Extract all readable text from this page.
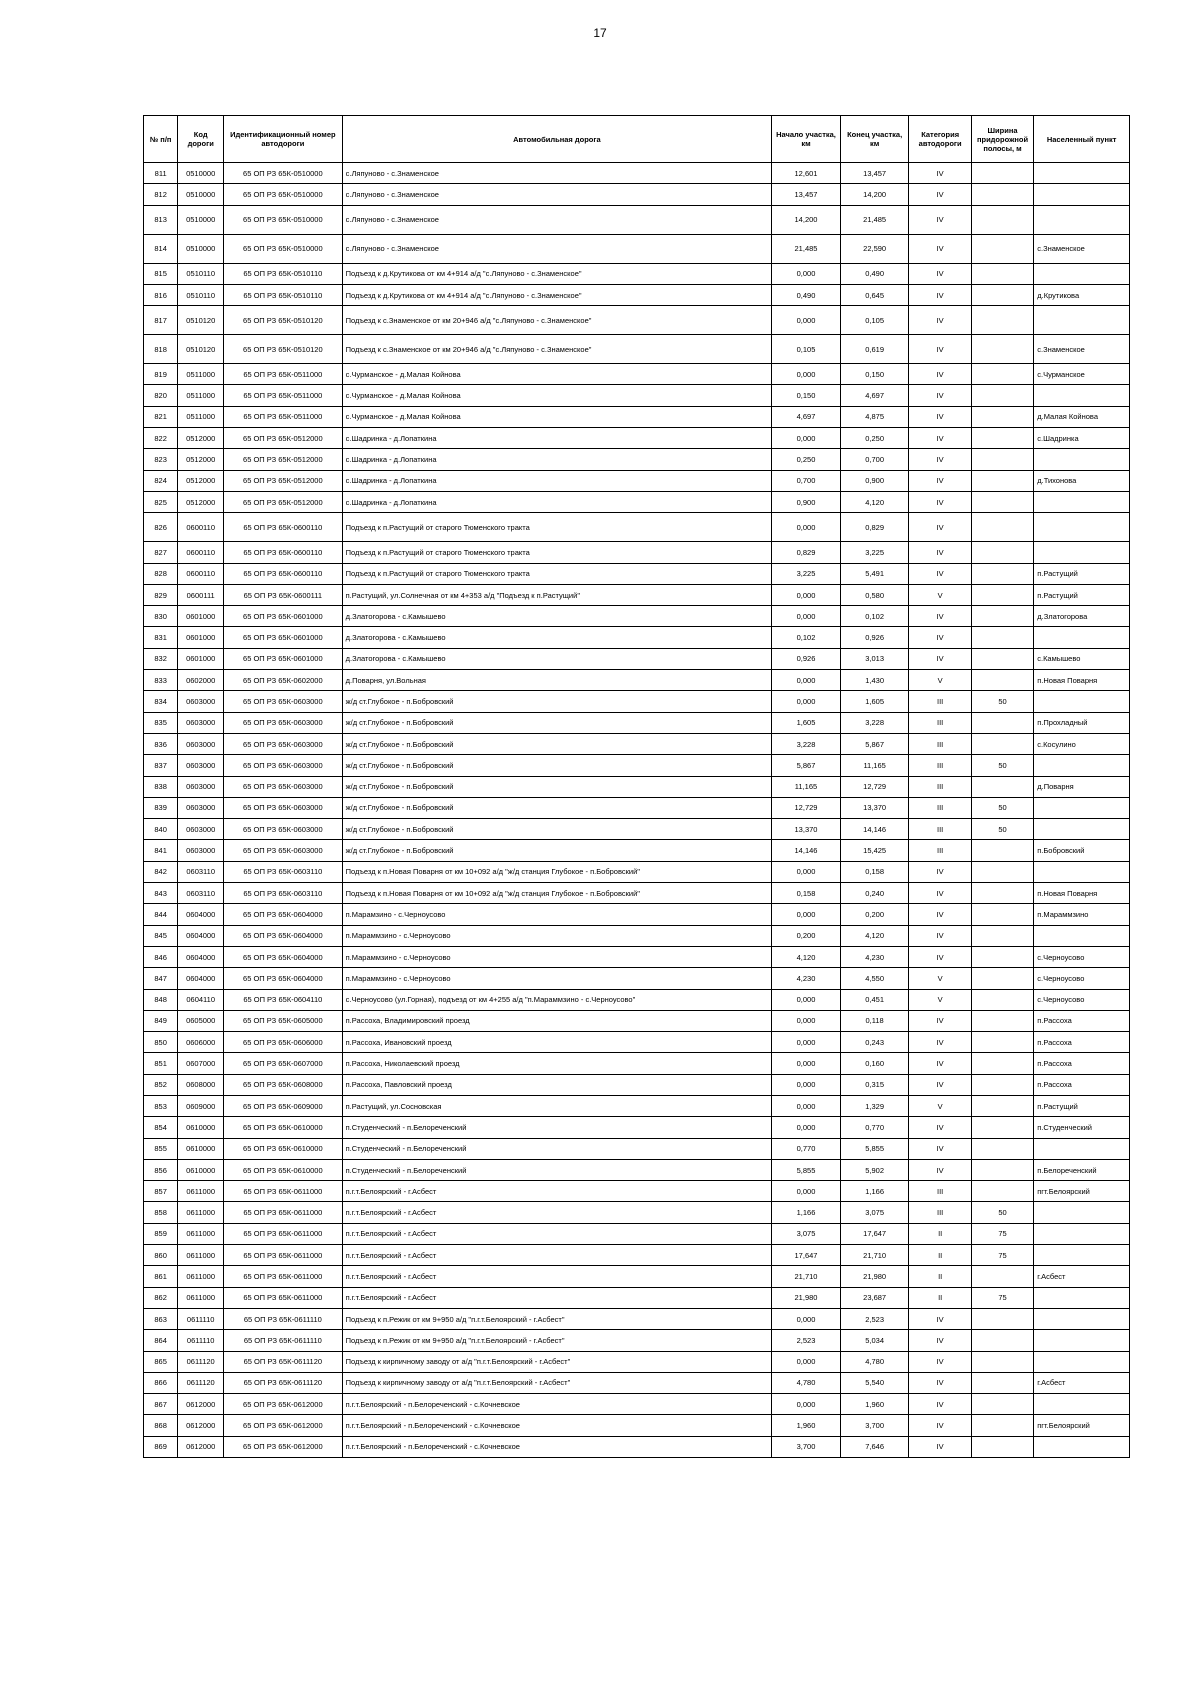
17
№ п/п	Код дороги	Идентификационный номер автодороги	Автомобильная дорога	Начало участка, км	Конец участка, км	Категория автодороги	Ширина придорожной полосы, м	Населенный пункт
811	0510000	65 ОП РЗ 65К-0510000	с.Ляпуново - с.Знаменское	12,601	13,457	IV		
812	0510000	65 ОП РЗ 65К-0510000	с.Ляпуново - с.Знаменское	13,457	14,200	IV		
813	0510000	65 ОП РЗ 65К-0510000	с.Ляпуново - с.Знаменское	14,200	21,485	IV		
814	0510000	65 ОП РЗ 65К-0510000	с.Ляпуново - с.Знаменское	21,485	22,590	IV		с.Знаменское
815	0510110	65 ОП РЗ 65К-0510110	Подъезд к д.Крутикова от км 4+914 а/д "с.Ляпуново - с.Знаменское"	0,000	0,490	IV		
816	0510110	65 ОП РЗ 65К-0510110	Подъезд к д.Крутикова от км 4+914 а/д "с.Ляпуново - с.Знаменское"	0,490	0,645	IV		д.Крутикова
817	0510120	65 ОП РЗ 65К-0510120	Подъезд к с.Знаменское от км 20+946 а/д "с.Ляпуново - с.Знаменское"	0,000	0,105	IV		
818	0510120	65 ОП РЗ 65К-0510120	Подъезд к с.Знаменское от км 20+946 а/д "с.Ляпуново - с.Знаменское"	0,105	0,619	IV		с.Знаменское
819	0511000	65 ОП РЗ 65К-0511000	с.Чурманское - д.Малая Койнова	0,000	0,150	IV		с.Чурманское
820	0511000	65 ОП РЗ 65К-0511000	с.Чурманское - д.Малая Койнова	0,150	4,697	IV		
821	0511000	65 ОП РЗ 65К-0511000	с.Чурманское - д.Малая Койнова	4,697	4,875	IV		д.Малая Койнова
822	0512000	65 ОП РЗ 65К-0512000	с.Шадринка - д.Лопаткина	0,000	0,250	IV		с.Шадринка
823	0512000	65 ОП РЗ 65К-0512000	с.Шадринка - д.Лопаткина	0,250	0,700	IV		
824	0512000	65 ОП РЗ 65К-0512000	с.Шадринка - д.Лопаткина	0,700	0,900	IV		д.Тихонова
825	0512000	65 ОП РЗ 65К-0512000	с.Шадринка - д.Лопаткина	0,900	4,120	IV		
826	0600110	65 ОП РЗ 65К-0600110	Подъезд к п.Растущий от старого Тюменского тракта	0,000	0,829	IV		
827	0600110	65 ОП РЗ 65К-0600110	Подъезд к п.Растущий от старого Тюменского тракта	0,829	3,225	IV		
828	0600110	65 ОП РЗ 65К-0600110	Подъезд к п.Растущий от старого Тюменского тракта	3,225	5,491	IV		п.Растущий
829	0600111	65 ОП РЗ 65К-0600111	п.Растущий, ул.Солнечная от км 4+353 а/д "Подъезд к п.Растущий"	0,000	0,580	V		п.Растущий
830	0601000	65 ОП РЗ 65К-0601000	д.Златогорова - с.Камышево	0,000	0,102	IV		д.Златогорова
831	0601000	65 ОП РЗ 65К-0601000	д.Златогорова - с.Камышево	0,102	0,926	IV		
832	0601000	65 ОП РЗ 65К-0601000	д.Златогорова - с.Камышево	0,926	3,013	IV		с.Камышево
833	0602000	65 ОП РЗ 65К-0602000	д.Поварня, ул.Вольная	0,000	1,430	V		п.Новая Поварня
834	0603000	65 ОП РЗ 65К-0603000	ж/д ст.Глубокое - п.Бобровский	0,000	1,605	III	50	
835	0603000	65 ОП РЗ 65К-0603000	ж/д ст.Глубокое - п.Бобровский	1,605	3,228	III		п.Прохладный
836	0603000	65 ОП РЗ 65К-0603000	ж/д ст.Глубокое - п.Бобровский	3,228	5,867	III		с.Косулино
837	0603000	65 ОП РЗ 65К-0603000	ж/д ст.Глубокое - п.Бобровский	5,867	11,165	III	50	
838	0603000	65 ОП РЗ 65К-0603000	ж/д ст.Глубокое - п.Бобровский	11,165	12,729	III		д.Поварня
839	0603000	65 ОП РЗ 65К-0603000	ж/д ст.Глубокое - п.Бобровский	12,729	13,370	III	50	
840	0603000	65 ОП РЗ 65К-0603000	ж/д ст.Глубокое - п.Бобровский	13,370	14,146	III	50	
841	0603000	65 ОП РЗ 65К-0603000	ж/д ст.Глубокое - п.Бобровский	14,146	15,425	III		п.Бобровский
842	0603110	65 ОП РЗ 65К-0603110	Подъезд к п.Новая Поварня от км 10+092 а/д "ж/д станция Глубокое - п.Бобровский"	0,000	0,158	IV		
843	0603110	65 ОП РЗ 65К-0603110	Подъезд к п.Новая Поварня от км 10+092 а/д "ж/д станция Глубокое - п.Бобровский"	0,158	0,240	IV		п.Новая Поварня
844	0604000	65 ОП РЗ 65К-0604000	п.Марамзино - с.Черноусово	0,000	0,200	IV		п.Мараммзино
845	0604000	65 ОП РЗ 65К-0604000	п.Мараммзино - с.Черноусово	0,200	4,120	IV		
846	0604000	65 ОП РЗ 65К-0604000	п.Мараммзино - с.Черноусово	4,120	4,230	IV		с.Черноусово
847	0604000	65 ОП РЗ 65К-0604000	п.Мараммзино - с.Черноусово	4,230	4,550	V		с.Черноусово
848	0604110	65 ОП РЗ 65К-0604110	с.Черноусово (ул.Горная), подъезд от км 4+255 а/д "п.Мараммзино - с.Черноусово"	0,000	0,451	V		с.Черноусово
849	0605000	65 ОП РЗ 65К-0605000	п.Рассоха, Владимировский проезд	0,000	0,118	IV		п.Рассоха
850	0606000	65 ОП РЗ 65К-0606000	п.Рассоха, Ивановский проезд	0,000	0,243	IV		п.Рассоха
851	0607000	65 ОП РЗ 65К-0607000	п.Рассоха, Николаевский проезд	0,000	0,160	IV		п.Рассоха
852	0608000	65 ОП РЗ 65К-0608000	п.Рассоха, Павловский проезд	0,000	0,315	IV		п.Рассоха
853	0609000	65 ОП РЗ 65К-0609000	п.Растущий, ул.Сосновская	0,000	1,329	V		п.Растущий
854	0610000	65 ОП РЗ 65К-0610000	п.Студенческий - п.Белореченский	0,000	0,770	IV		п.Студенческий
855	0610000	65 ОП РЗ 65К-0610000	п.Студенческий - п.Белореченский	0,770	5,855	IV		
856	0610000	65 ОП РЗ 65К-0610000	п.Студенческий - п.Белореченский	5,855	5,902	IV		п.Белореченский
857	0611000	65 ОП РЗ 65К-0611000	п.г.т.Белоярский - г.Асбест	0,000	1,166	III		пгт.Белоярский
858	0611000	65 ОП РЗ 65К-0611000	п.г.т.Белоярский - г.Асбест	1,166	3,075	III	50	
859	0611000	65 ОП РЗ 65К-0611000	п.г.т.Белоярский - г.Асбест	3,075	17,647	II	75	
860	0611000	65 ОП РЗ 65К-0611000	п.г.т.Белоярский - г.Асбест	17,647	21,710	II	75	
861	0611000	65 ОП РЗ 65К-0611000	п.г.т.Белоярский - г.Асбест	21,710	21,980	II		г.Асбест
862	0611000	65 ОП РЗ 65К-0611000	п.г.т.Белоярский - г.Асбест	21,980	23,687	II	75	
863	0611110	65 ОП РЗ 65К-0611110	Подъезд к п.Режик от км 9+950 а/д "п.г.т.Белоярский - г.Асбест"	0,000	2,523	IV		
864	0611110	65 ОП РЗ 65К-0611110	Подъезд к п.Режик от км 9+950 а/д "п.г.т.Белоярский - г.Асбест"	2,523	5,034	IV		
865	0611120	65 ОП РЗ 65К-0611120	Подъезд к кирпичному заводу от а/д "п.г.т.Белоярский - г.Асбест"	0,000	4,780	IV		
866	0611120	65 ОП РЗ 65К-0611120	Подъезд к кирпичному заводу от а/д "п.г.т.Белоярский - г.Асбест"	4,780	5,540	IV		г.Асбест
867	0612000	65 ОП РЗ 65К-0612000	п.г.т.Белоярский - п.Белореченский - с.Кочневское	0,000	1,960	IV		
868	0612000	65 ОП РЗ 65К-0612000	п.г.т.Белоярский - п.Белореченский - с.Кочневское	1,960	3,700	IV		пгт.Белоярский
869	0612000	65 ОП РЗ 65К-0612000	п.г.т.Белоярский - п.Белореченский - с.Кочневское	3,700	7,646	IV		
